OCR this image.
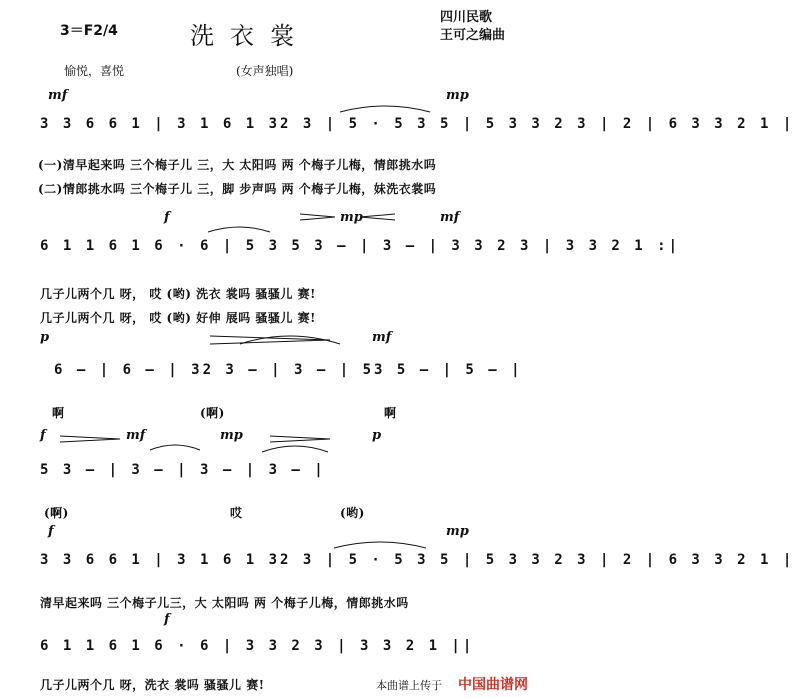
3＝F2/4	洗衣裳
四川民歌
王可之编曲
愉悦，喜悦	(女声独唱)
mf	mp
3 3 6 6 1 | 3 1 6 1 32 3 | 5 · 5 3 5 | 5 3 3 2 3 | 2 | 6 3 3 2 1 |
(一)清早起来吗 三个梅子儿 三，大 太阳吗 两 个梅子儿梅，情郎挑水吗
(二)情郎挑水吗 三个梅子儿 三，脚 步声吗 两 个梅子儿梅，妹洗衣裳吗
f	mp	mf
6 1 1 6 1 6 · 6 | 5 3 5 3 — | 3 — | 3 3 2 3 | 3 3 2 1 :|
几子儿两个几 呀， 哎 (哟) 洗衣 裳吗 骚骚儿 赛!
几子儿两个几 呀， 哎 (哟) 好伸 展吗 骚骚儿 赛!
p	mf
6 — | 6 — | 32 3 — | 3 — | 53 5 — | 5 — |
啊	(啊)	啊
f	mf	mp	p
5 3 — | 3 — | 3 — | 3 — |
(啊)	哎	(哟)
f	mp
3 3 6 6 1 | 3 1 6 1 32 3 | 5 · 5 3 5 | 5 3 3 2 3 | 2 | 6 3 3 2 1 |
清早起来吗 三个梅子儿三，大 太阳吗 两 个梅子儿梅，情郎挑水吗
f
6 1 1 6 1 6 · 6 | 3 3 2 3 | 3 3 2 1 ||
几子儿两个几 呀，洗衣 裳吗 骚骚儿 赛!	本曲谱上传于 中国曲谱网
